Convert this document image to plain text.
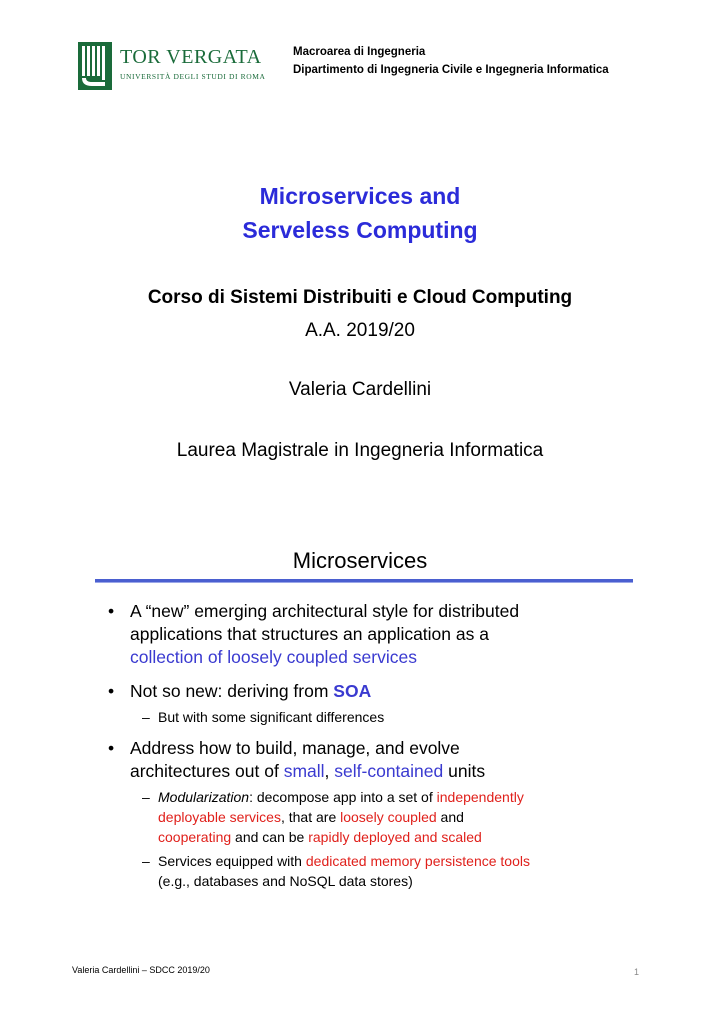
TOR VERGATA
UNIVERSITÀ DEGLI STUDI DI ROMA
Macroarea di Ingegneria
Dipartimento di Ingegneria Civile e Ingegneria Informatica
Microservices and
Serveless Computing
Corso di Sistemi Distribuiti e Cloud Computing
A.A. 2019/20
Valeria Cardellini
Laurea Magistrale in Ingegneria Informatica
Microservices
• A “new” emerging architectural style for distributed
applications that structures an application as a
collection of loosely coupled services
• Not so new: deriving from SOA
– But with some significant differences
• Address how to build, manage, and evolve
architectures out of small, self-contained units
– Modularization: decompose app into a set of independently
deployable services, that are loosely coupled and
cooperating and can be rapidly deployed and scaled
– Services equipped with dedicated memory persistence tools
(e.g., databases and NoSQL data stores)
Valeria Cardellini – SDCC 2019/20	1
